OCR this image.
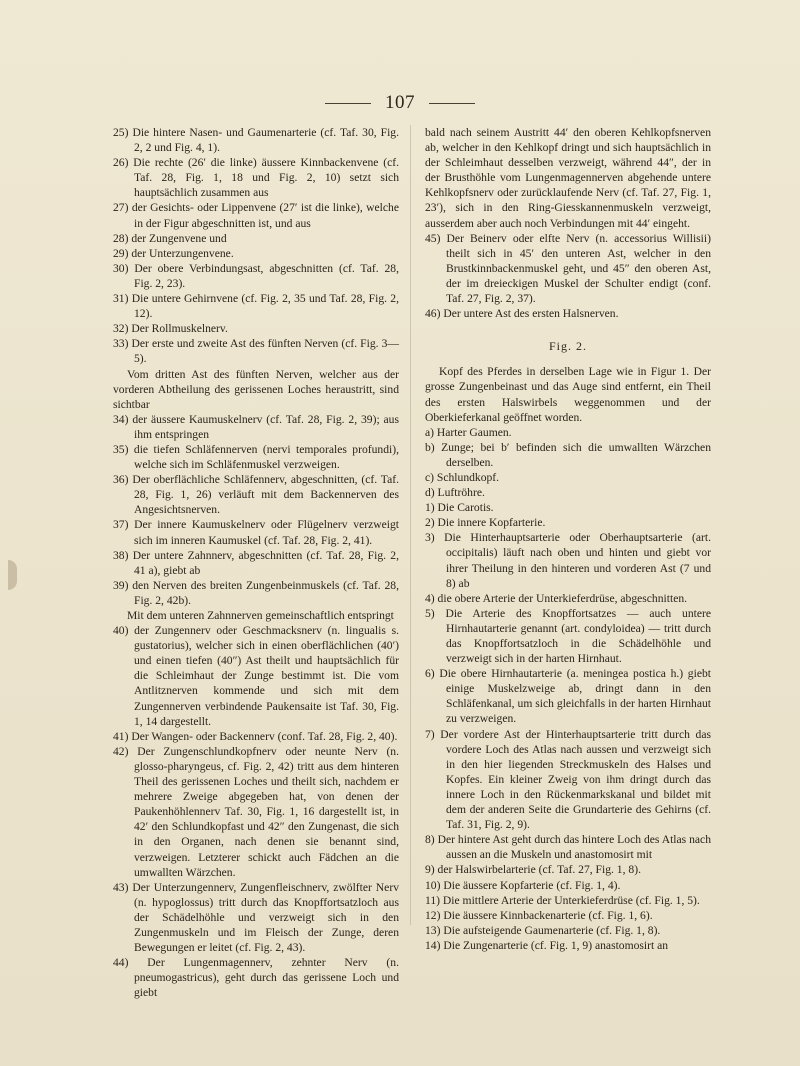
107

25) Die hintere Nasen- und Gaumenarterie (cf. Taf. 30, Fig. 2, 2 und Fig. 4, 1).

26) Die rechte (26′ die linke) äussere Kinnbackenvene (cf. Taf. 28, Fig. 1, 18 und Fig. 2, 10) setzt sich hauptsächlich zusammen aus

27) der Gesichts- oder Lippenvene (27′ ist die linke), welche in der Figur abgeschnitten ist, und aus

28) der Zungenvene und

29) der Unterzungenvene.

30) Der obere Verbindungsast, abgeschnitten (cf. Taf. 28, Fig. 2, 23).

31) Die untere Gehirnvene (cf. Fig. 2, 35 und Taf. 28, Fig. 2, 12).

32) Der Rollmuskelnerv.

33) Der erste und zweite Ast des fünften Nerven (cf. Fig. 3—5).

Vom dritten Ast des fünften Nerven, welcher aus der vorderen Abtheilung des gerissenen Loches heraustritt, sind sichtbar

34) der äussere Kaumuskelnerv (cf. Taf. 28, Fig. 2, 39); aus ihm entspringen

35) die tiefen Schläfennerven (nervi temporales profundi), welche sich im Schläfenmuskel verzweigen.

36) Der oberflächliche Schläfennerv, abgeschnitten, (cf. Taf. 28, Fig. 1, 26) verläuft mit dem Backennerven des Angesichtsnerven.

37) Der innere Kaumuskelnerv oder Flügelnerv verzweigt sich im inneren Kaumuskel (cf. Taf. 28, Fig. 2, 41).

38) Der untere Zahnnerv, abgeschnitten (cf. Taf. 28, Fig. 2, 41 a), giebt ab

39) den Nerven des breiten Zungenbeinmuskels (cf. Taf. 28, Fig. 2, 42b).

Mit dem unteren Zahnnerven gemeinschaftlich entspringt

40) der Zungennerv oder Geschmacksnerv (n. lingualis s. gustatorius), welcher sich in einen oberflächlichen (40′) und einen tiefen (40″) Ast theilt und hauptsächlich für die Schleimhaut der Zunge bestimmt ist. Die vom Antlitznerven kommende und sich mit dem Zungennerven verbindende Paukensaite ist Taf. 30, Fig. 1, 14 dargestellt.

41) Der Wangen- oder Backennerv (conf. Taf. 28, Fig. 2, 40).

42) Der Zungenschlundkopfnerv oder neunte Nerv (n. glosso-pharyngeus, cf. Fig. 2, 42) tritt aus dem hinteren Theil des gerissenen Loches und theilt sich, nachdem er mehrere Zweige abgegeben hat, von denen der Paukenhöhlennerv Taf. 30, Fig. 1, 16 dargestellt ist, in 42′ den Schlundkopfast und 42″ den Zungenast, die sich in den Organen, nach denen sie benannt sind, verzweigen. Letzterer schickt auch Fädchen an die umwallten Wärzchen.

43) Der Unterzungennerv, Zungenfleischnerv, zwölfter Nerv (n. hypoglossus) tritt durch das Knopffortsatzloch aus der Schädelhöhle und verzweigt sich in den Zungenmuskeln und im Fleisch der Zunge, deren Bewegungen er leitet (cf. Fig. 2, 43).

44) Der Lungenmagennerv, zehnter Nerv (n. pneumogastricus), geht durch das gerissene Loch und giebt

bald nach seinem Austritt 44′ den oberen Kehlkopfsnerven ab, welcher in den Kehlkopf dringt und sich hauptsächlich in der Schleimhaut desselben verzweigt, während 44″, der in der Brusthöhle vom Lungenmagennerven abgehende untere Kehlkopfsnerv oder zurücklaufende Nerv (cf. Taf. 27, Fig. 1, 23′), sich in den Ring-Giesskannenmuskeln verzweigt, ausserdem aber auch noch Verbindungen mit 44′ eingeht.

45) Der Beinerv oder elfte Nerv (n. accessorius Willisii) theilt sich in 45′ den unteren Ast, welcher in den Brustkinnbackenmuskel geht, und 45″ den oberen Ast, der im dreieckigen Muskel der Schulter endigt (conf. Taf. 27, Fig. 2, 37).

46) Der untere Ast des ersten Halsnerven.

Fig. 2.

Kopf des Pferdes in derselben Lage wie in Figur 1. Der grosse Zungenbeinast und das Auge sind entfernt, ein Theil des ersten Halswirbels weggenommen und der Oberkieferkanal geöffnet worden.

a) Harter Gaumen.

b) Zunge; bei b′ befinden sich die umwallten Wärzchen derselben.

c) Schlundkopf.

d) Luftröhre.

1) Die Carotis.

2) Die innere Kopfarterie.

3) Die Hinterhauptsarterie oder Oberhauptsarterie (art. occipitalis) läuft nach oben und hinten und giebt vor ihrer Theilung in den hinteren und vorderen Ast (7 und 8) ab

4) die obere Arterie der Unterkieferdrüse, abgeschnitten.

5) Die Arterie des Knopffortsatzes — auch untere Hirnhautarterie genannt (art. condyloidea) — tritt durch das Knopffortsatzloch in die Schädelhöhle und verzweigt sich in der harten Hirnhaut.

6) Die obere Hirnhautarterie (a. meningea postica h.) giebt einige Muskelzweige ab, dringt dann in den Schläfenkanal, um sich gleichfalls in der harten Hirnhaut zu verzweigen.

7) Der vordere Ast der Hinterhauptsarterie tritt durch das vordere Loch des Atlas nach aussen und verzweigt sich in den hier liegenden Streckmuskeln des Halses und Kopfes. Ein kleiner Zweig von ihm dringt durch das innere Loch in den Rückenmarkskanal und bildet mit dem der anderen Seite die Grundarterie des Gehirns (cf. Taf. 31, Fig. 2, 9).

8) Der hintere Ast geht durch das hintere Loch des Atlas nach aussen an die Muskeln und anastomosirt mit

9) der Halswirbelarterie (cf. Taf. 27, Fig. 1, 8).

10) Die äussere Kopfarterie (cf. Fig. 1, 4).

11) Die mittlere Arterie der Unterkieferdrüse (cf. Fig. 1, 5).

12) Die äussere Kinnbackenarterie (cf. Fig. 1, 6).

13) Die aufsteigende Gaumenarterie (cf. Fig. 1, 8).

14) Die Zungenarterie (cf. Fig. 1, 9) anastomosirt an
